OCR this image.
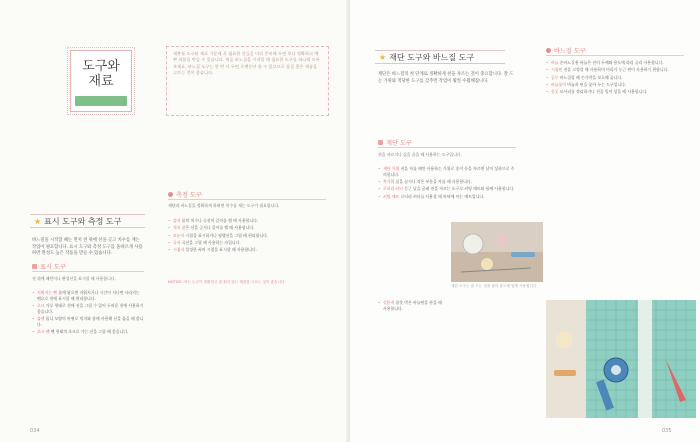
도구와
재료

재봉틀 도구와 재료 가운데 꼭 필요한 것들을 미리 준비해 두면 보다 정확하고 예쁜 작품을 만들 수 있습니다. 처음 바느질을 시작할 때 필요한 도구를 하나씩 모아 보세요. 바느질 도구는 한 번 사 두면 오랫동안 쓸 수 있으므로 품질 좋은 제품을 고르는 것이 좋습니다.

★ 표시 도구와 측정 도구
바느질을 시작할 때는 먼저 천 위에 선을 긋고 치수를 재는 작업이 필요합니다. 표시 도구와 측정 도구를 올바르게 사용하면 완성도 높은 작품을 만들 수 있습니다.
표시 도구
천 위에 패턴이나 완성선을 표시할 때 사용합니다.
• 지워지는 펜 물에 닿으면 지워지거나 시간이 지나면 사라지는 펜으로 천에 표시할 때 편리합니다.
• 초크 가루 형태로 천에 선을 그릴 수 있어 두꺼운 천에 사용하기 좋습니다.
• 룰렛 톱니 모양의 바퀴로 먹지와 함께 사용해 선을 옮길 때 씁니다.
• 초크 펜 펜 형태의 초크로 가는 선을 그릴 때 좋습니다.
측정 도구
재단과 바느질을 정확하게 하려면 치수를 재는 도구가 필요합니다.
• 줄자 몸의 치수나 곡선의 길이를 잴 때 사용합니다.
• 직자 곧은 선을 긋거나 길이를 잴 때 사용합니다.
• 모눈자 시접을 표시하거나 평행선을 그릴 때 편리합니다.
• 곡자 곡선을 그릴 때 사용하는 자입니다.
• 시접자 일정한 폭의 시접을 표시할 때 사용합니다.
NOTICE: 자는 눈금이 정확하고 잘 휘지 않는 제품을 고르는 것이 좋습니다.
034
★ 재단 도구와 바느질 도구
재단은 바느질의 첫 단계로 정확하게 천을 자르는 것이 중요합니다. 잘 드는 가위와 적당한 도구를 갖추면 작업이 훨씬 수월해집니다.
재단 도구
천을 자르거나 실을 끊을 때 사용하는 도구입니다.
• 재단 가위 천을 자를 때만 사용하는 가위로 종이 등을 자르면 날이 상하므로 주의합니다.
• 쪽가위 실을 끊거나 작은 부분을 자를 때 사용합니다.
• 로터리 커터 둥근 날을 굴려 천을 자르는 도구로 커팅 매트와 함께 사용합니다.
• 커팅 매트 로터리 커터를 사용할 때 바닥에 까는 매트입니다.
• 실뜯개 잘못 박은 바늘땀을 뜯을 때 사용합니다.
재단 도구는 잘 드는 것을 골라 용도에 맞게 사용합니다.
바느질 도구
• 바늘 손바느질용 바늘은 천의 두께와 용도에 따라 골라 사용합니다.
• 시침핀 천을 고정할 때 사용하며 머리가 둥근 핀이 사용하기 편합니다.
• 골무 바느질할 때 손가락을 보호해 줍니다.
• 바늘꽂이 바늘과 핀을 꽂아 두는 도구입니다.
• 송곳 모서리를 정리하거나 천을 밀어 넣을 때 사용합니다.
035
